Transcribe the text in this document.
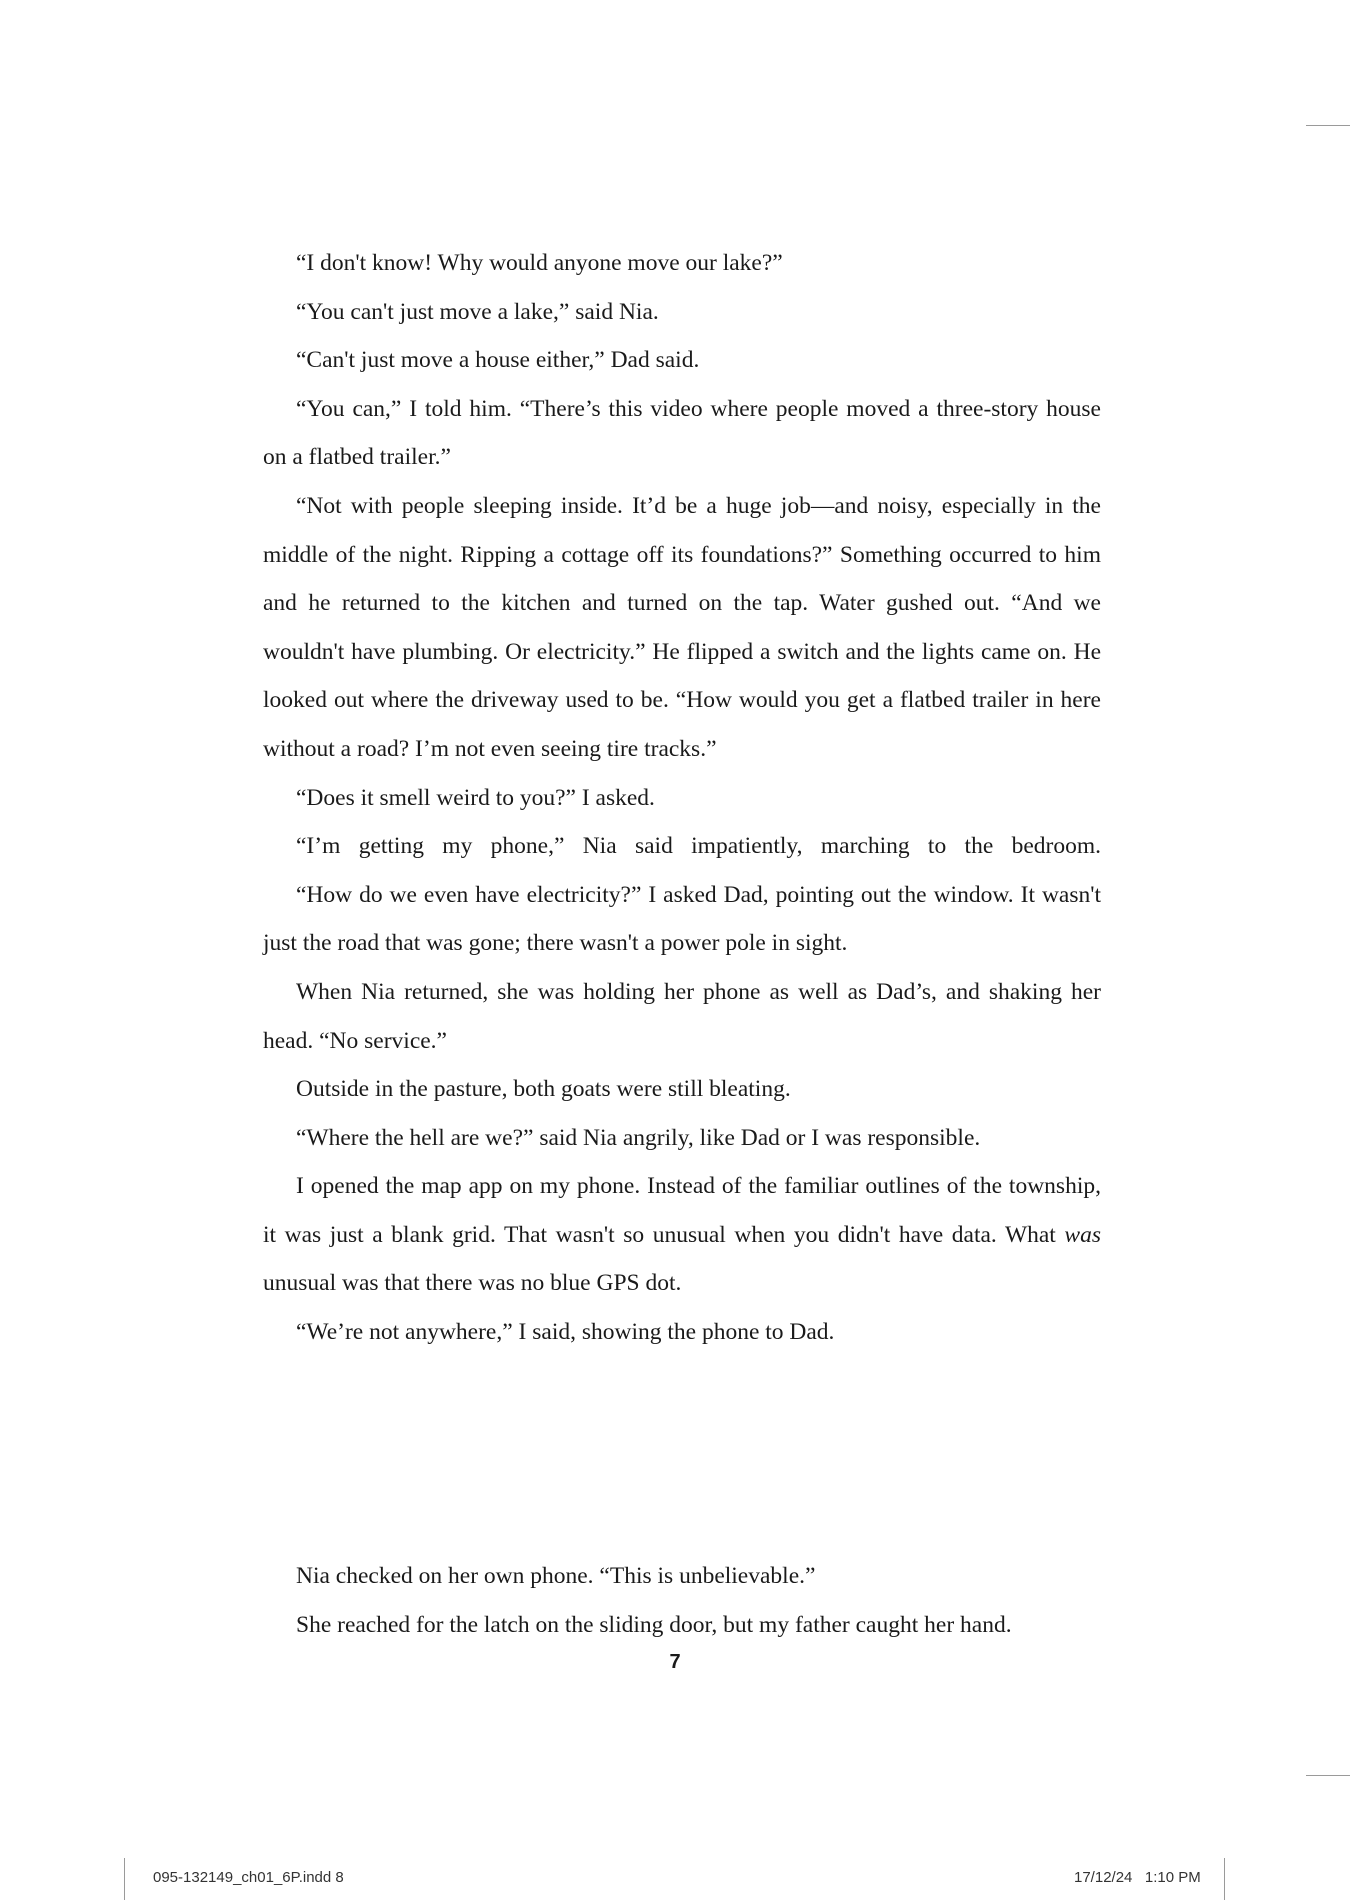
“I don't know! Why would anyone move our lake?”

“You can't just move a lake,” said Nia.

“Can't just move a house either,” Dad said.

“You can,” I told him. “There’s this video where people moved a three-story house on a flatbed trailer.”

“Not with people sleeping inside. It’d be a huge job—and noisy, especially in the middle of the night. Ripping a cottage off its foundations?” Something occurred to him and he returned to the kitchen and turned on the tap. Water gushed out. “And we wouldn't have plumbing. Or electricity.” He flipped a switch and the lights came on. He looked out where the driveway used to be. “How would you get a flatbed trailer in here without a road? I’m not even seeing tire tracks.”

“Does it smell weird to you?” I asked.

“I’m getting my phone,” Nia said impatiently, marching to the bedroom.

“How do we even have electricity?” I asked Dad, pointing out the window. It wasn't just the road that was gone; there wasn't a power pole in sight.

When Nia returned, she was holding her phone as well as Dad’s, and shaking her head. “No service.”

Outside in the pasture, both goats were still bleating.

“Where the hell are we?” said Nia angrily, like Dad or I was responsible.

I opened the map app on my phone. Instead of the familiar outlines of the township, it was just a blank grid. That wasn't so unusual when you didn't have data. What was unusual was that there was no blue GPS dot.

“We’re not anywhere,” I said, showing the phone to Dad.

Nia checked on her own phone. “This is unbelievable.”

She reached for the latch on the sliding door, but my father caught her hand.

7
095-132149_ch01_6P.indd 8	17/12/24   1:10 PM
